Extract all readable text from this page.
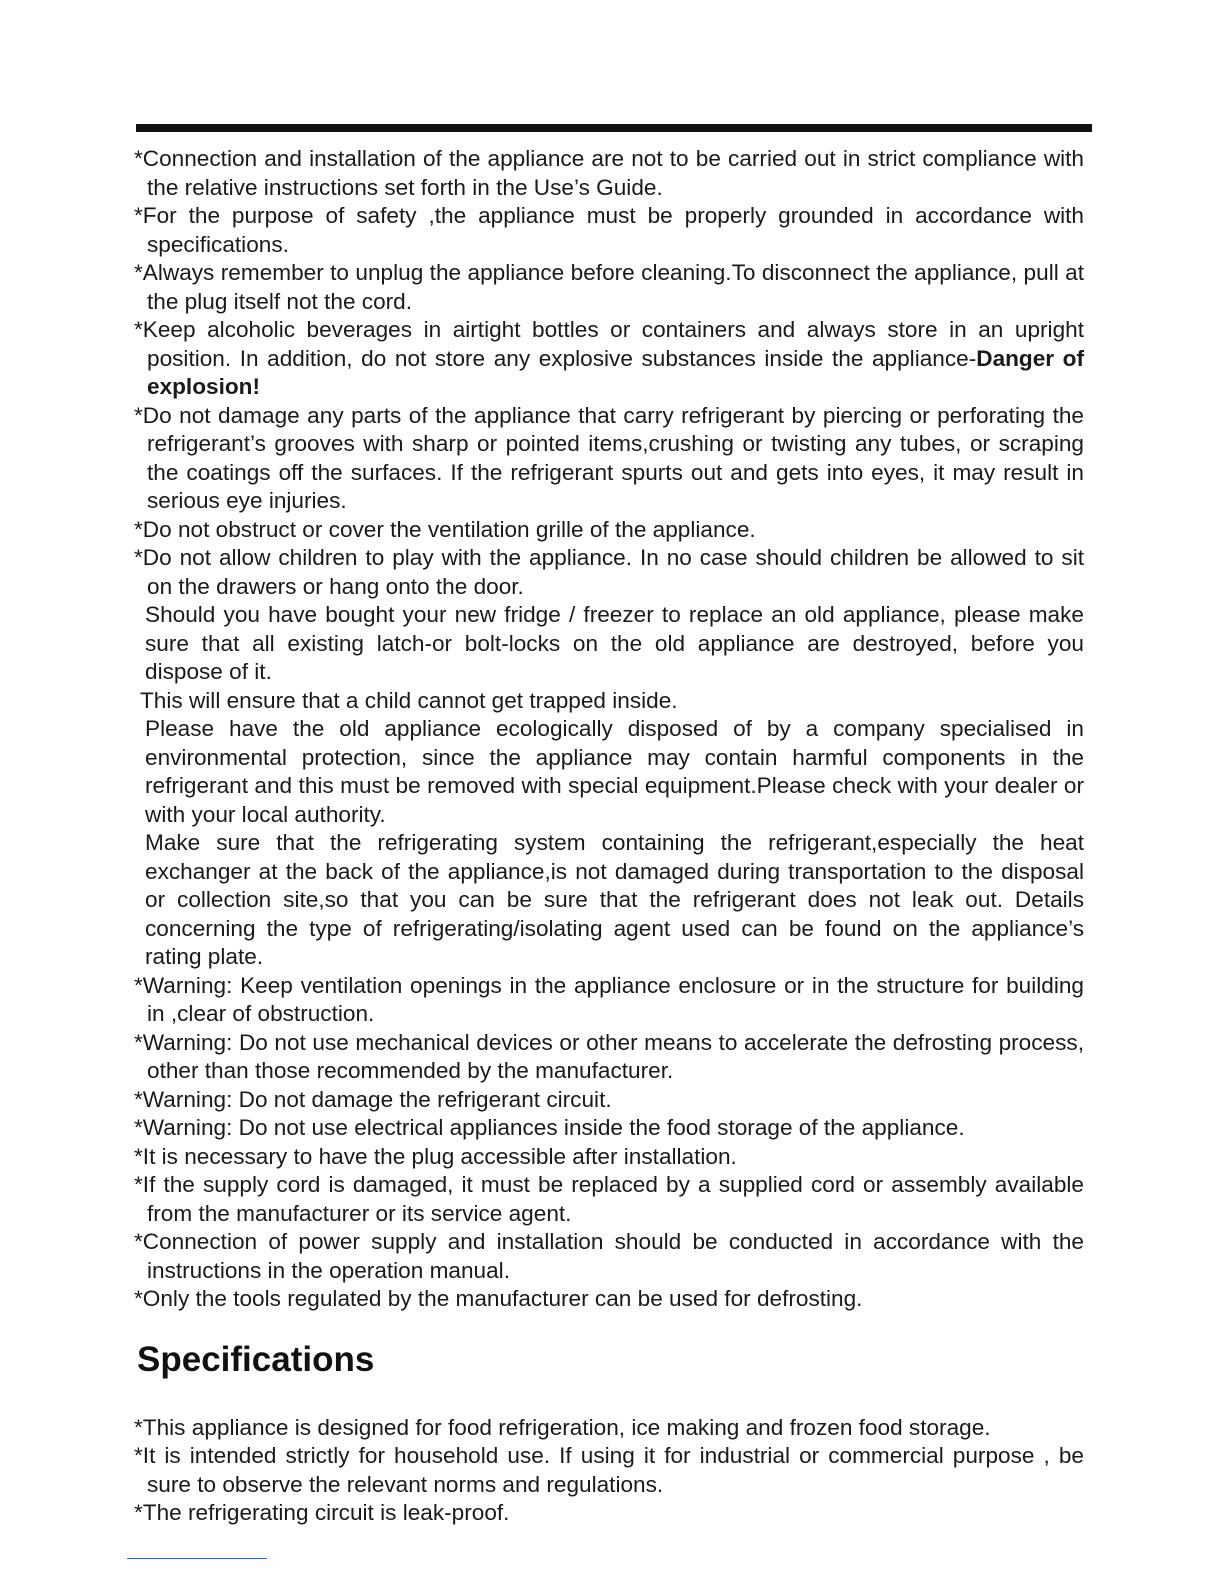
*Connection and installation of the appliance are not to be carried out in strict compliance with the relative instructions set forth in the Use’s Guide.

*For the purpose of safety ,the appliance must be properly grounded in accordance with specifications.

*Always remember to unplug the appliance before cleaning.To disconnect the appliance, pull at the plug itself not the cord.

*Keep alcoholic beverages in airtight bottles or containers and always store in an upright position. In addition, do not store any explosive substances inside the appliance-Danger of explosion!

*Do not damage any parts of the appliance that carry refrigerant by piercing or perforating the refrigerant’s grooves with sharp or pointed items,crushing or twisting any tubes, or scraping the coatings off the surfaces. If the refrigerant spurts out and gets into eyes, it may result in serious eye injuries.

*Do not obstruct or cover the ventilation grille of the appliance.

*Do not allow children to play with the appliance. In no case should children be allowed to sit on the drawers or hang onto the door.

Should you have bought your new fridge / freezer to replace an old appliance, please make sure that all existing latch-or bolt-locks on the old appliance are destroyed, before you dispose of it.

This will ensure that a child cannot get trapped inside.

Please have the old appliance ecologically disposed of by a company specialised in environmental protection, since the appliance may contain harmful components in the refrigerant and this must be removed with special equipment.Please check with your dealer or with your local authority.

Make sure that the refrigerating system containing the refrigerant,especially the heat exchanger at the back of the appliance,is not damaged during transportation to the disposal or collection site,so that you can be sure that the refrigerant does not leak out. Details concerning the type of refrigerating/isolating agent used can be found on the appliance’s rating plate.

*Warning: Keep ventilation openings in the appliance enclosure or in the structure for building in ,clear of obstruction.

*Warning: Do not use mechanical devices or other means to accelerate the defrosting process, other than those recommended by the manufacturer.

*Warning: Do not damage the refrigerant circuit.

*Warning: Do not use electrical appliances inside the food storage of the appliance.

*It is necessary to have the plug accessible after installation.

*If the supply cord is damaged, it must be replaced by a supplied cord or assembly available from the manufacturer or its service agent.

*Connection of power supply and installation should be conducted in accordance with the instructions in the operation manual.

*Only the tools regulated by the manufacturer can be used for defrosting.

Specifications

*This appliance is designed for food refrigeration, ice making and frozen food storage.

*It is intended strictly for household use. If using it for industrial or commercial purpose , be sure to observe the relevant norms and regulations.

*The refrigerating circuit is leak-proof.
